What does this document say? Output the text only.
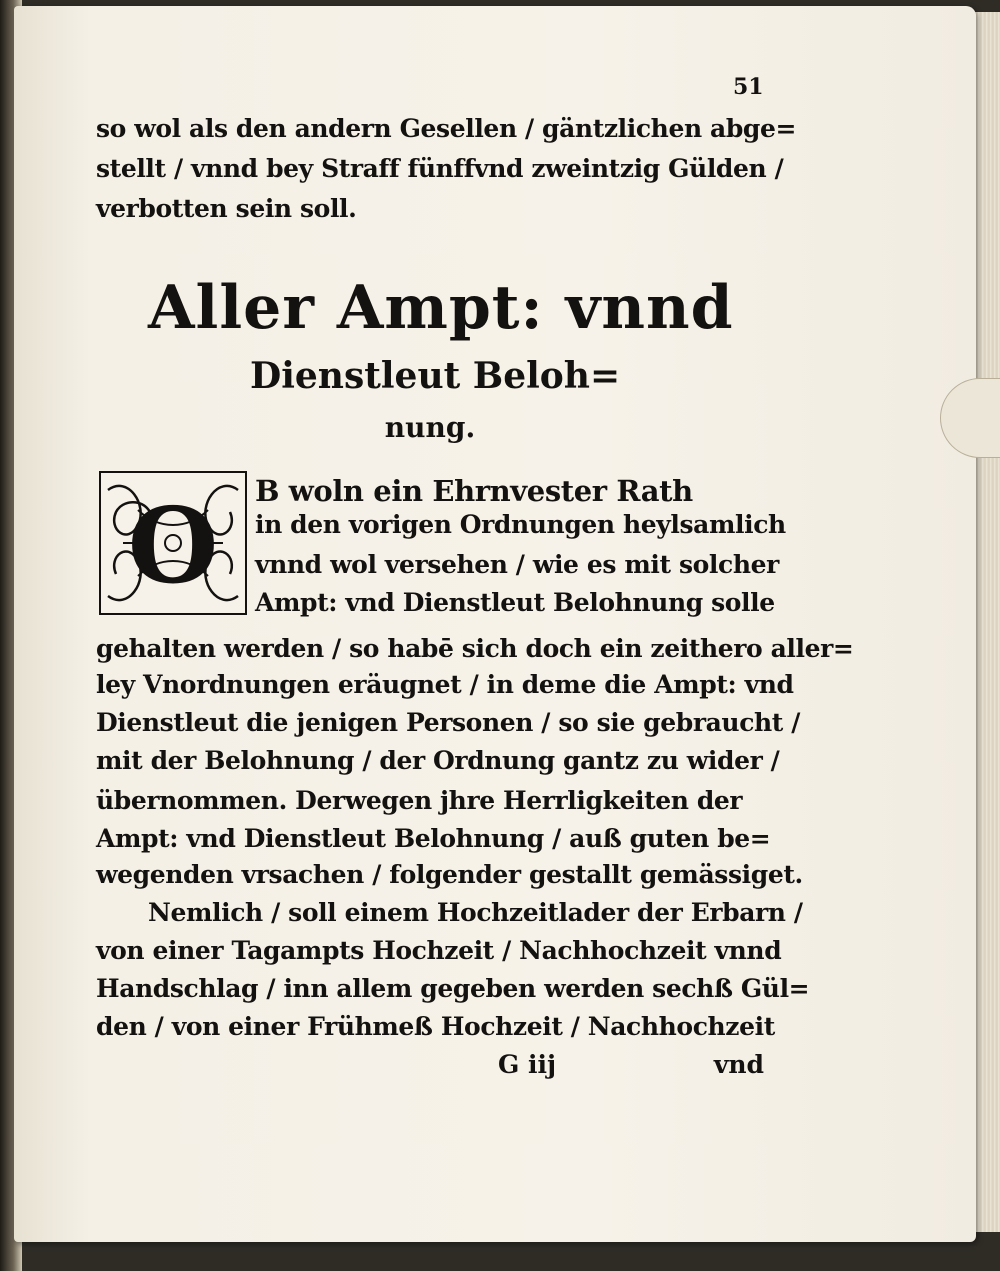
51
so wol als den andern Gesellen / gäntzlichen abge=
stellt / vnnd bey Straff fünffvnd zweintzig Gülden /
verbotten sein soll.
Aller Ampt: vnnd
Dienstleut Beloh=
nung.
O B woln ein Ehrnvester Rath
in den vorigen Ordnungen heylsamlich
vnnd wol versehen / wie es mit solcher
Ampt: vnd Dienstleut Belohnung solle
gehalten werden / so habē sich doch ein zeithero aller=
ley Vnordnungen eräugnet / in deme die Ampt: vnd
Dienstleut die jenigen Personen / so sie gebraucht /
mit der Belohnung / der Ordnung gantz zu wider /
übernommen. Derwegen jhre Herrligkeiten der
Ampt: vnd Dienstleut Belohnung / auß guten be=
wegenden vrsachen / folgender gestallt gemässiget.
Nemlich / soll einem Hochzeitlader der Erbarn /
von einer Tagampts Hochzeit / Nachhochzeit vnnd
Handschlag / inn allem gegeben werden sechß Gül=
den / von einer Frühmeß Hochzeit / Nachhochzeit
G iij	vnd
